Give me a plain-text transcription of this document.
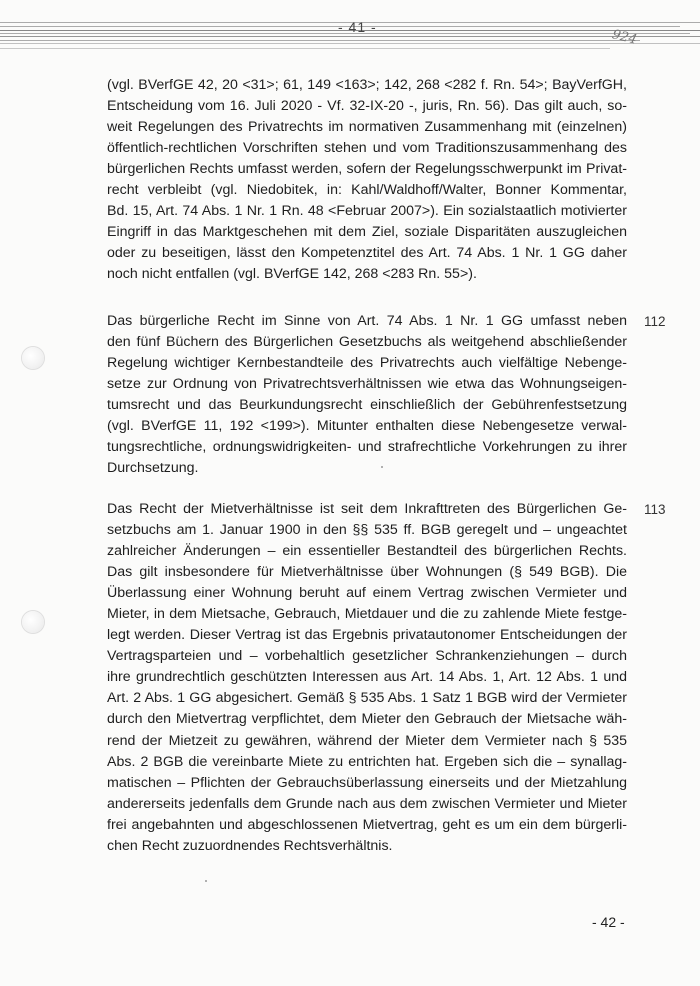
- 41 -
924
(vgl. BVerfGE 42, 20 <31>; 61, 149 <163>; 142, 268 <282 f. Rn. 54>; BayVerfGH,
Entscheidung vom 16. Juli 2020 - Vf. 32-IX-20 -, juris, Rn. 56). Das gilt auch, so-
weit Regelungen des Privatrechts im normativen Zusammenhang mit (einzelnen)
öffentlich-rechtlichen Vorschriften stehen und vom Traditionszusammenhang des
bürgerlichen Rechts umfasst werden, sofern der Regelungsschwerpunkt im Privat-
recht verbleibt (vgl. Niedobitek, in: Kahl/Waldhoff/Walter, Bonner Kommentar,
Bd. 15, Art. 74 Abs. 1 Nr. 1 Rn. 48 <Februar 2007>). Ein sozialstaatlich motivierter
Eingriff in das Marktgeschehen mit dem Ziel, soziale Disparitäten auszugleichen
oder zu beseitigen, lässt den Kompetenztitel des Art. 74 Abs. 1 Nr. 1 GG daher
noch nicht entfallen (vgl. BVerfGE 142, 268 <283 Rn. 55>).
112
Das bürgerliche Recht im Sinne von Art. 74 Abs. 1 Nr. 1 GG umfasst neben
den fünf Büchern des Bürgerlichen Gesetzbuchs als weitgehend abschließender
Regelung wichtiger Kernbestandteile des Privatrechts auch vielfältige Nebenge-
setze zur Ordnung von Privatrechtsverhältnissen wie etwa das Wohnungseigen-
tumsrecht und das Beurkundungsrecht einschließlich der Gebührenfestsetzung
(vgl. BVerfGE 11, 192 <199>). Mitunter enthalten diese Nebengesetze verwal-
tungsrechtliche, ordnungswidrigkeiten- und strafrechtliche Vorkehrungen zu ihrer
Durchsetzung.
113
Das Recht der Mietverhältnisse ist seit dem Inkrafttreten des Bürgerlichen Ge-
setzbuchs am 1. Januar 1900 in den §§ 535 ff. BGB geregelt und – ungeachtet
zahlreicher Änderungen – ein essentieller Bestandteil des bürgerlichen Rechts.
Das gilt insbesondere für Mietverhältnisse über Wohnungen (§ 549 BGB). Die
Überlassung einer Wohnung beruht auf einem Vertrag zwischen Vermieter und
Mieter, in dem Mietsache, Gebrauch, Mietdauer und die zu zahlende Miete festge-
legt werden. Dieser Vertrag ist das Ergebnis privatautonomer Entscheidungen der
Vertragsparteien und – vorbehaltlich gesetzlicher Schrankenziehungen – durch
ihre grundrechtlich geschützten Interessen aus Art. 14 Abs. 1, Art. 12 Abs. 1 und
Art. 2 Abs. 1 GG abgesichert. Gemäß § 535 Abs. 1 Satz 1 BGB wird der Vermieter
durch den Mietvertrag verpflichtet, dem Mieter den Gebrauch der Mietsache wäh-
rend der Mietzeit zu gewähren, während der Mieter dem Vermieter nach § 535
Abs. 2 BGB die vereinbarte Miete zu entrichten hat. Ergeben sich die – synallag-
matischen – Pflichten der Gebrauchsüberlassung einerseits und der Mietzahlung
andererseits jedenfalls dem Grunde nach aus dem zwischen Vermieter und Mieter
frei angebahnten und abgeschlossenen Mietvertrag, geht es um ein dem bürgerli-
chen Recht zuzuordnendes Rechtsverhältnis.
- 42 -
